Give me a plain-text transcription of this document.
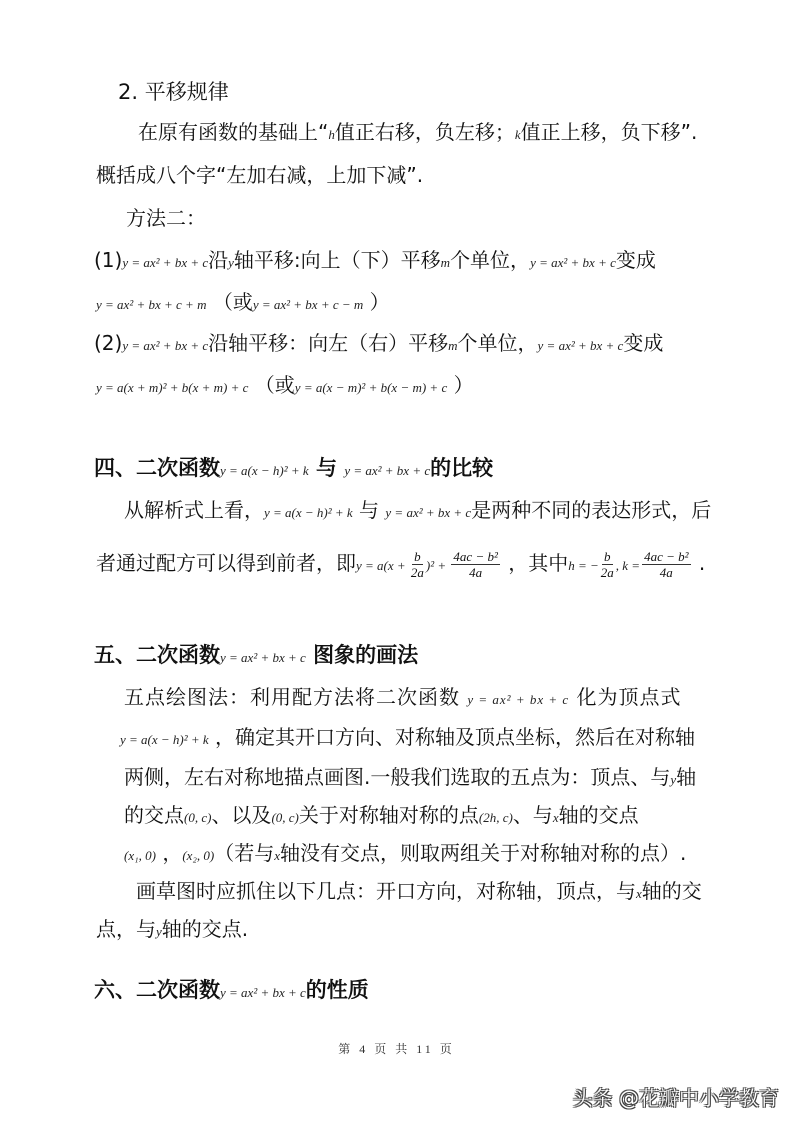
2. 平移规律
在原有函数的基础上“h值正右移，负左移；k值正上移，负下移”.
概括成八个字“左加右减，上加下减”.
方法二：
(1)y = ax² + bx + c沿y轴平移:向上（下）平移m个单位，y = ax² + bx + c变成
y = ax² + bx + c + m （或y = ax² + bx + c − m ）
(2)y = ax² + bx + c沿轴平移：向左（右）平移m个单位，y = ax² + bx + c变成
y = a(x + m)² + b(x + m) + c （或y = a(x − m)² + b(x − m) + c ）
四、二次函数y = a(x − h)² + k 与 y = ax² + bx + c的比较
从解析式上看，y = a(x − h)² + k 与 y = ax² + bx + c是两种不同的表达形式，后
者通过配方可以得到前者，即$y = a(x + \frac{b}{2a} )^2 + \frac{\text{4ac − b²}}{4a}$ ，其中h = − $\frac{b}{2a}$ , $k = \frac{\text{4ac − b²}}{4a}$ .
五、二次函数y = ax² + bx + c 图象的画法
五点绘图法：利用配方法将二次函数 y = ax² + bx + c 化为顶点式
y = a(x − h)² + k ，确定其开口方向、对称轴及顶点坐标，然后在对称轴
两侧，左右对称地描点画图.一般我们选取的五点为：顶点、与y轴
的交点(0, c)、以及(0, c)关于对称轴对称的点(2h, c)、与x轴的交点
(x₁, 0) ，(x₂, 0)（若与x轴没有交点，则取两组关于对称轴对称的点）.
画草图时应抓住以下几点：开口方向，对称轴，顶点，与x轴的交
点，与y轴的交点.
六、二次函数y = ax² + bx + c的性质
第 4 页 共 11 页
头条 @花瓣中小学教育
